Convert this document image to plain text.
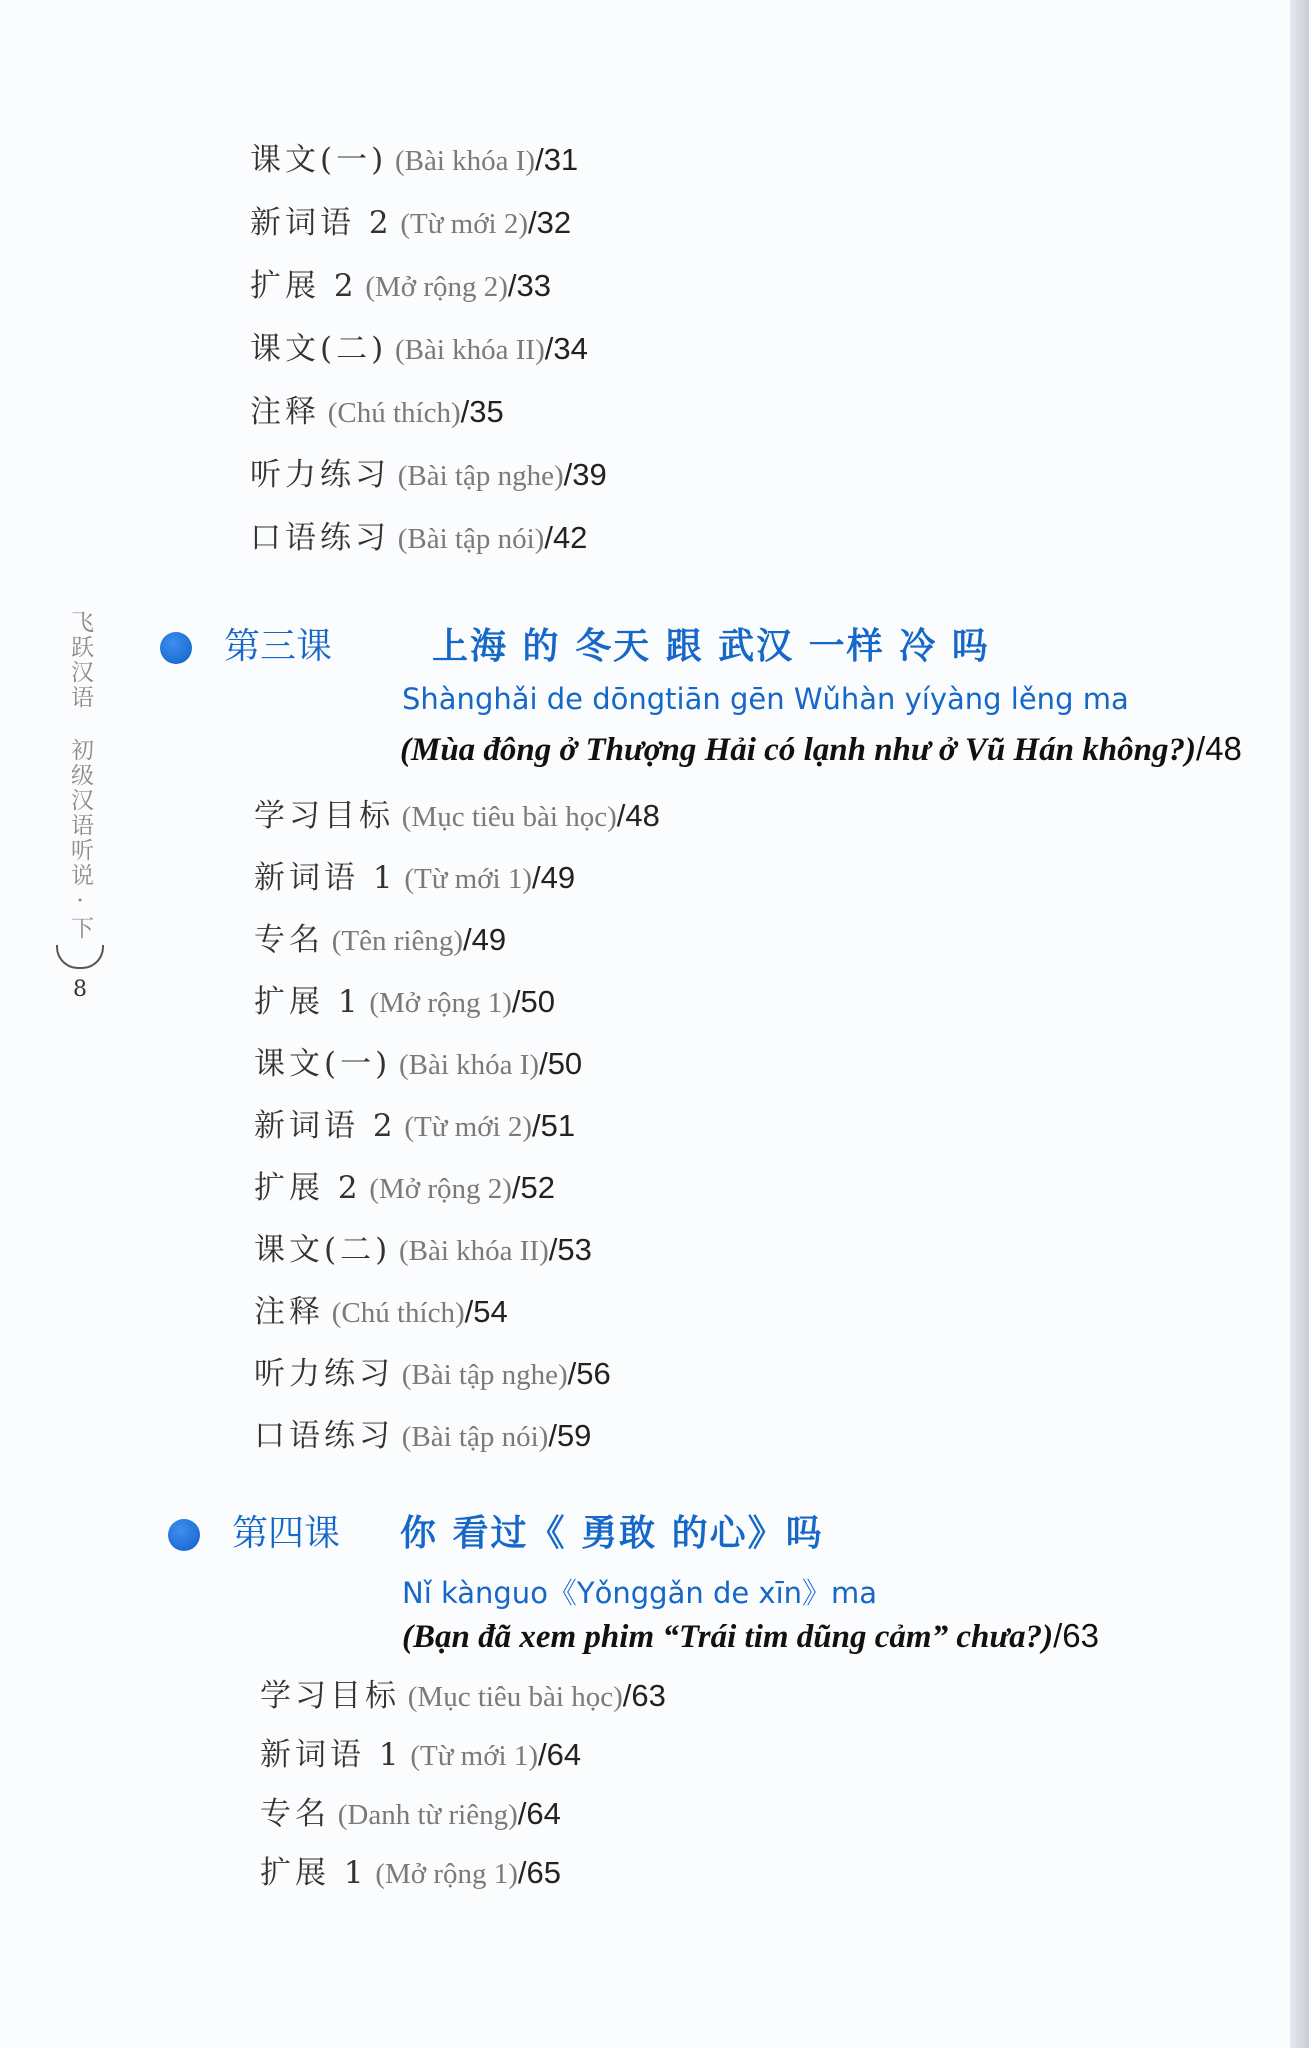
课文(一) (Bài khóa I)/31
新词语 2 (Từ mới 2)/32
扩展 2 (Mở rộng 2)/33
课文(二) (Bài khóa II)/34
注释 (Chú thích)/35
听力练习 (Bài tập nghe)/39
口语练习 (Bài tập nói)/42
第三课	上海 的 冬天 跟 武汉 一样 冷 吗
Shànghǎi de dōngtiān gēn Wǔhàn yíyàng lěng ma
(Mùa đông ở Thượng Hải có lạnh như ở Vũ Hán không?)/48
学习目标 (Mục tiêu bài học)/48
新词语 1 (Từ mới 1)/49
专名 (Tên riêng)/49
扩展 1 (Mở rộng 1)/50
课文(一) (Bài khóa I)/50
新词语 2 (Từ mới 2)/51
扩展 2 (Mở rộng 2)/52
课文(二) (Bài khóa II)/53
注释 (Chú thích)/54
听力练习 (Bài tập nghe)/56
口语练习 (Bài tập nói)/59
第四课 你 看过《 勇敢 的心》吗
Nǐ kànguo《Yǒnggǎn de xīn》ma
(Bạn đã xem phim “Trái tim dũng cảm” chưa?)/63
学习目标 (Mục tiêu bài học)/63
新词语 1 (Từ mới 1)/64
专名 (Danh từ riêng)/64
扩展 1 (Mở rộng 1)/65
飞跃汉语 初级汉语听说·下
8
